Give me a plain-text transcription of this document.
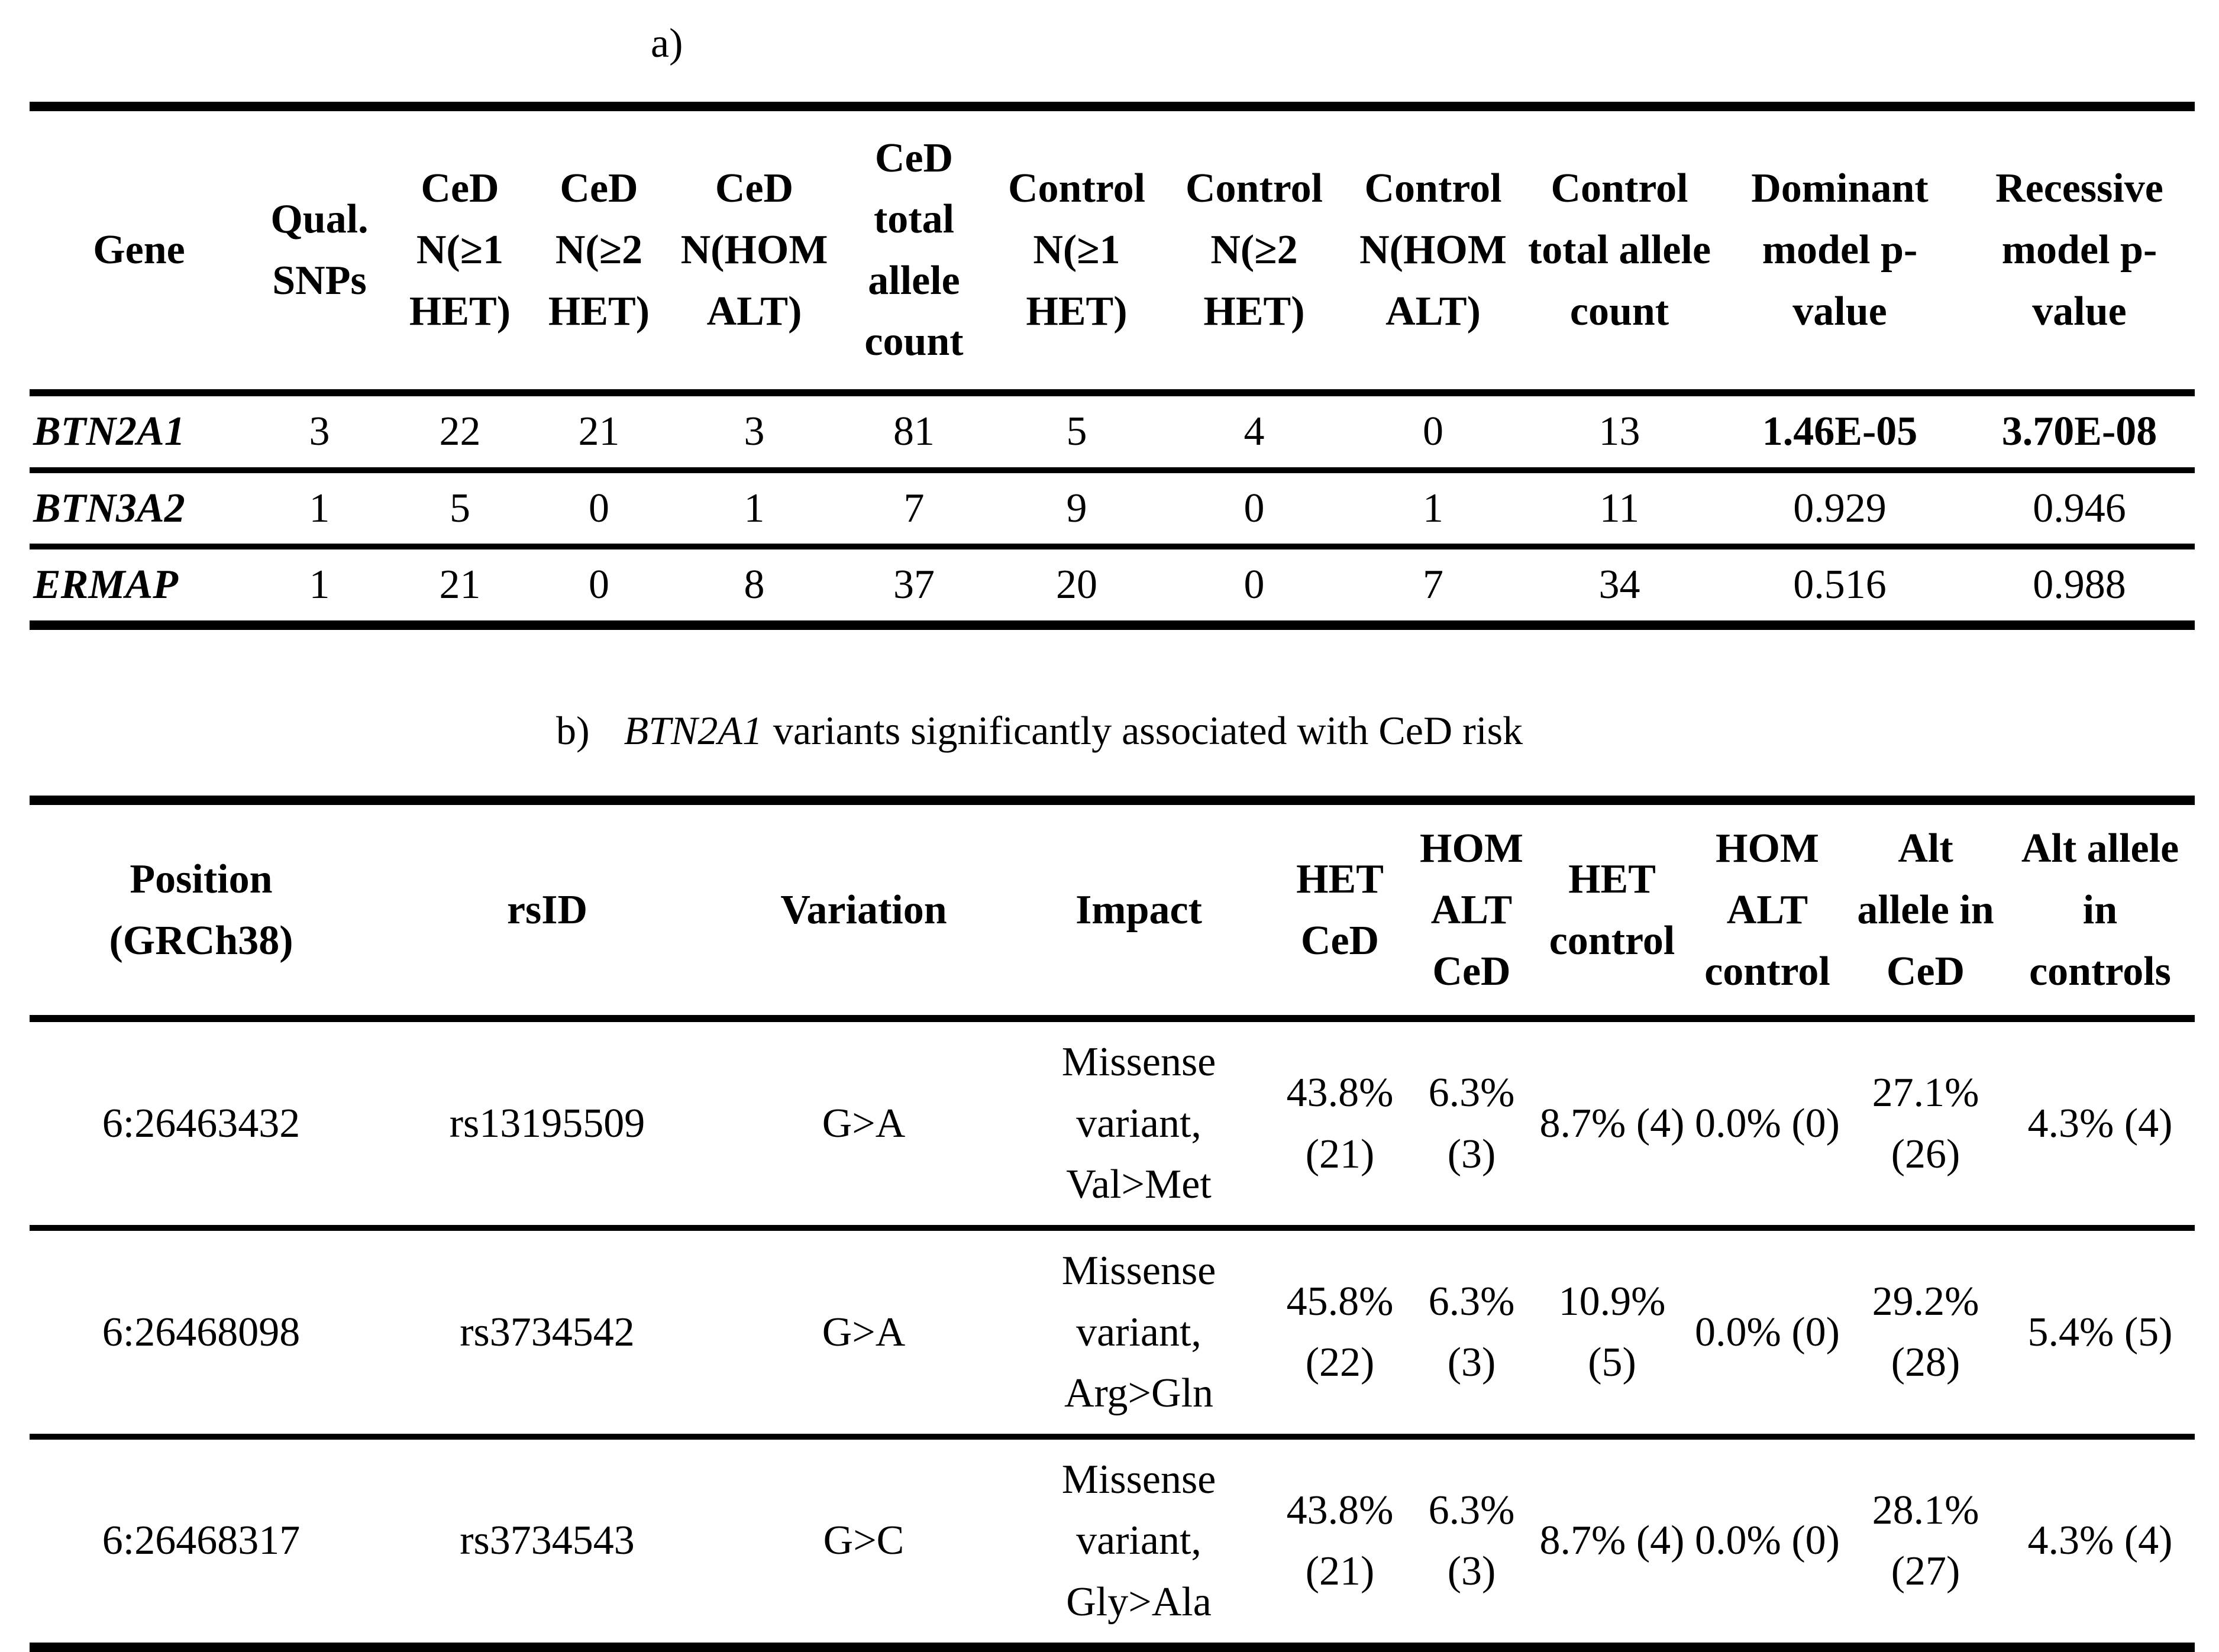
a)
Gene	Qual. SNPs	CeD N(≥1 HET)	CeD N(≥2 HET)	CeD N(HOM ALT)	CeD total allele count	Control N(≥1 HET)	Control N(≥2 HET)	Control N(HOM ALT)	Control total allele count	Dominant model p-value	Recessive model p-value
BTN2A1	3	22	21	3	81	5	4	0	13	1.46E-05	3.70E-08
BTN3A2	1	5	0	1	7	9	0	1	11	0.929	0.946
ERMAP	1	21	0	8	37	20	0	7	34	0.516	0.988
b) BTN2A1 variants significantly associated with CeD risk
Position (GRCh38)	rsID	Variation	Impact	HET CeD	HOM ALT CeD	HET control	HOM ALT control	Alt allele in CeD	Alt allele in controls
6:26463432	rs13195509	G>A	Missense variant, Val>Met	43.8% (21)	6.3% (3)	8.7% (4)	0.0% (0)	27.1% (26)	4.3% (4)
6:26468098	rs3734542	G>A	Missense variant, Arg>Gln	45.8% (22)	6.3% (3)	10.9% (5)	0.0% (0)	29.2% (28)	5.4% (5)
6:26468317	rs3734543	G>C	Missense variant, Gly>Ala	43.8% (21)	6.3% (3)	8.7% (4)	0.0% (0)	28.1% (27)	4.3% (4)
